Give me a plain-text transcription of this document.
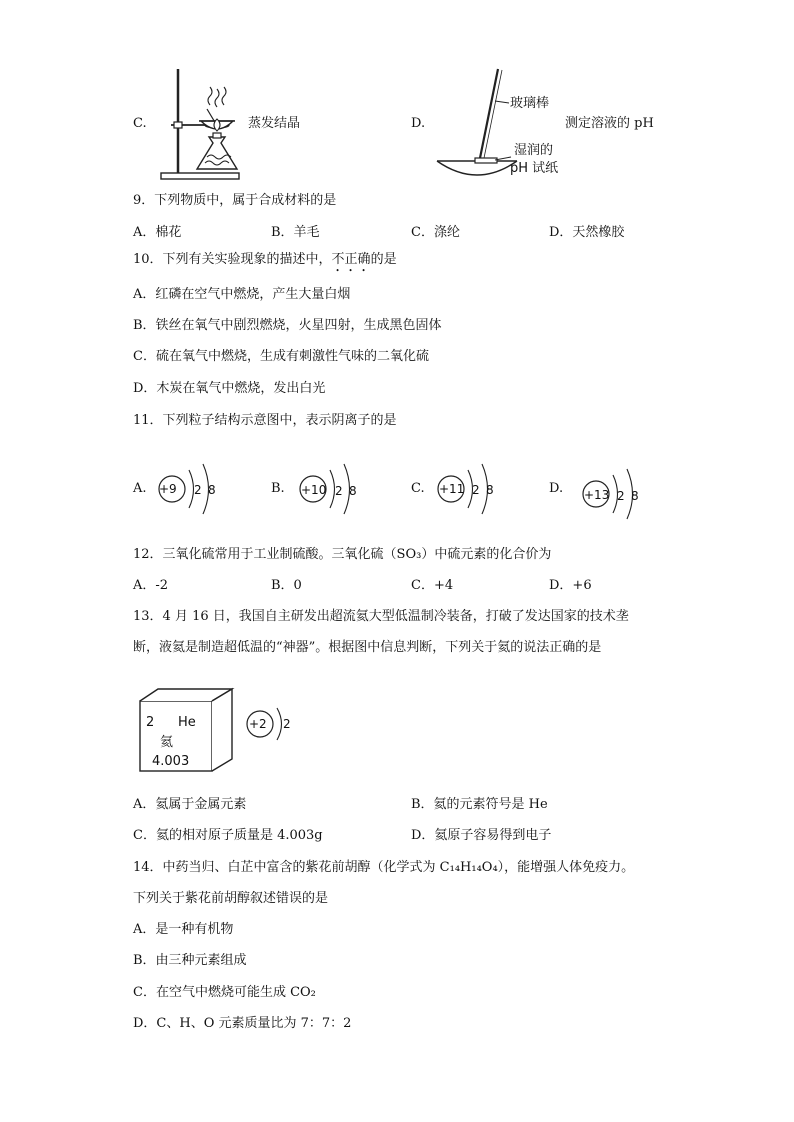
C.	蒸发结晶	D.
玻璃棒
湿润的
pH 试纸
测定溶液的 pH
9．下列物质中，属于合成材料的是
A．棉花	B．羊毛	C．涤纶	D．天然橡胶
10．下列有关实验现象的描述中，不正确的是
A．红磷在空气中燃烧，产生大量白烟
B．铁丝在氧气中剧烈燃烧，火星四射，生成黑色固体
C．硫在氧气中燃烧，生成有刺激性气味的二氧化硫
D．木炭在氧气中燃烧，发出白光
11．下列粒子结构示意图中，表示阴离子的是
A. +9 2 8	B. +10 2 8	C. +11 2 8	D. +13 2 8
12．三氧化硫常用于工业制硫酸。三氧化硫（SO₃）中硫元素的化合价为
A．-2	B．0	C．+4	D．+6
13．4 月 16 日，我国自主研发出超流氦大型低温制冷装备，打破了发达国家的技术垄
断，液氦是制造超低温的“神器”。根据图中信息判断，下列关于氦的说法正确的是
2 He
氦
4.003
+2 2
A．氦属于金属元素	B．氦的元素符号是 He
C．氦的相对原子质量是 4.003g	D．氦原子容易得到电子
14．中药当归、白芷中富含的紫花前胡醇（化学式为 C₁₄H₁₄O₄），能增强人体免疫力。
下列关于紫花前胡醇叙述错误的是
A．是一种有机物
B．由三种元素组成
C．在空气中燃烧可能生成 CO₂
D．C、H、O 元素质量比为 7：7：2
